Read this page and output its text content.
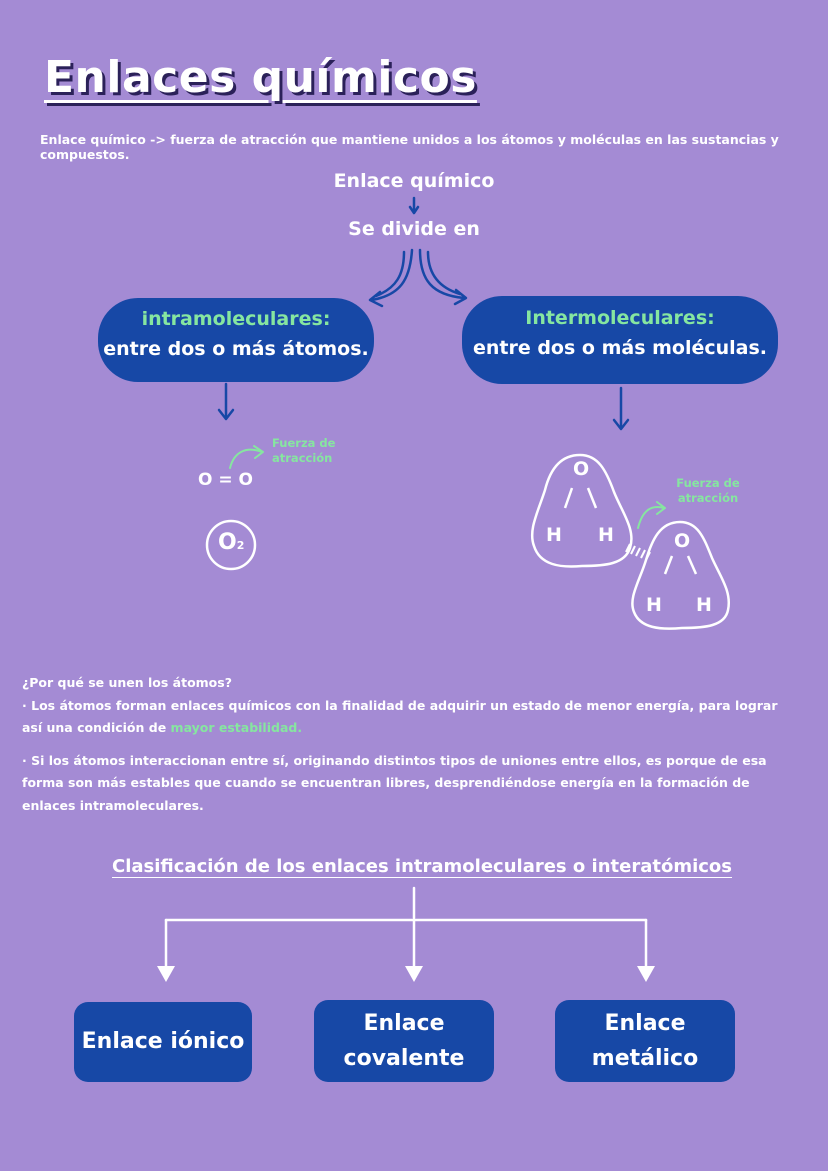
Enlaces químicos
Enlace químico -> fuerza de atracción que mantiene unidos a los átomos y moléculas en las sustancias y compuestos.
Enlace químico
Se divide en
intramoleculares:
entre dos o más átomos.
Intermoleculares:
entre dos o más moléculas.
O = O
Fuerza de
atracción
O2
O
H H	O
H H
Fuerza de
atracción
¿Por qué se unen los átomos?
· Los átomos forman enlaces químicos con la finalidad de adquirir un estado de menor energía, para lograr así una condición de mayor estabilidad.
· Si los átomos interaccionan entre sí, originando distintos tipos de uniones entre ellos, es porque de esa forma son más estables que cuando se encuentran libres, desprendiéndose energía en la formación de enlaces intramoleculares.
Clasificación de los enlaces intramoleculares o interatómicos
Enlace iónico
Enlace
covalente
Enlace
metálico
